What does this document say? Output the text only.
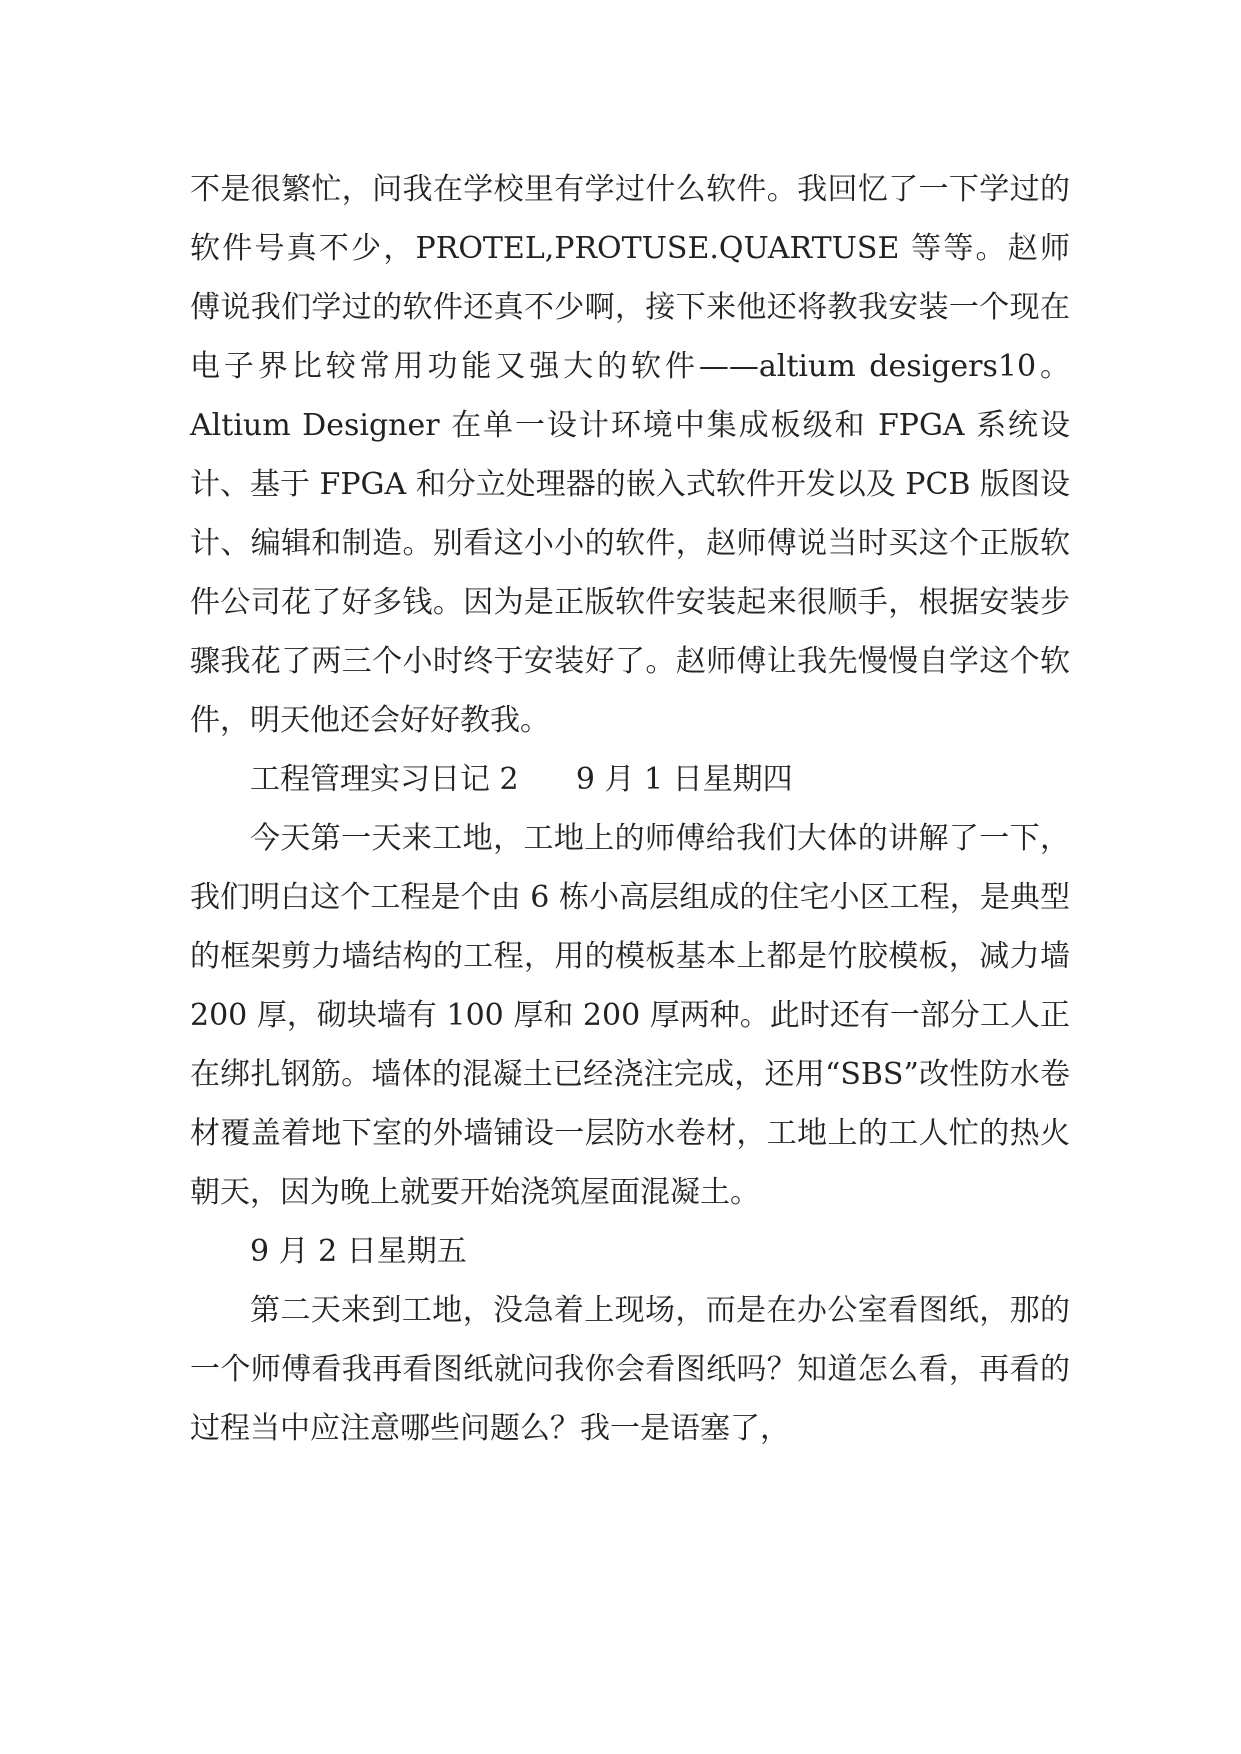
不是很繁忙，问我在学校里有学过什么软件。我回忆了一下学过的软件号真不少，PROTEL,PROTUSE.QUARTUSE 等等。赵师傅说我们学过的软件还真不少啊，接下来他还将教我安装一个现在电子界比较常用功能又强大的软件——altium desigers10。Altium Designer 在单一设计环境中集成板级和 FPGA 系统设计、基于 FPGA 和分立处理器的嵌入式软件开发以及 PCB 版图设计、编辑和制造。别看这小小的软件，赵师傅说当时买这个正版软件公司花了好多钱。因为是正版软件安装起来很顺手，根据安装步骤我花了两三个小时终于安装好了。赵师傅让我先慢慢自学这个软件，明天他还会好好教我。

工程管理实习日记 2 9 月 1 日星期四

今天第一天来工地，工地上的师傅给我们大体的讲解了一下，我们明白这个工程是个由 6 栋小高层组成的住宅小区工程，是典型的框架剪力墙结构的工程，用的模板基本上都是竹胶模板，减力墙 200 厚，砌块墙有 100 厚和 200 厚两种。此时还有一部分工人正在绑扎钢筋。墙体的混凝土已经浇注完成，还用“SBS”改性防水卷材覆盖着地下室的外墙铺设一层防水卷材，工地上的工人忙的热火朝天，因为晚上就要开始浇筑屋面混凝土。

9 月 2 日星期五

第二天来到工地，没急着上现场，而是在办公室看图纸，那的一个师傅看我再看图纸就问我你会看图纸吗？知道怎么看，再看的过程当中应注意哪些问题么？我一是语塞了，
